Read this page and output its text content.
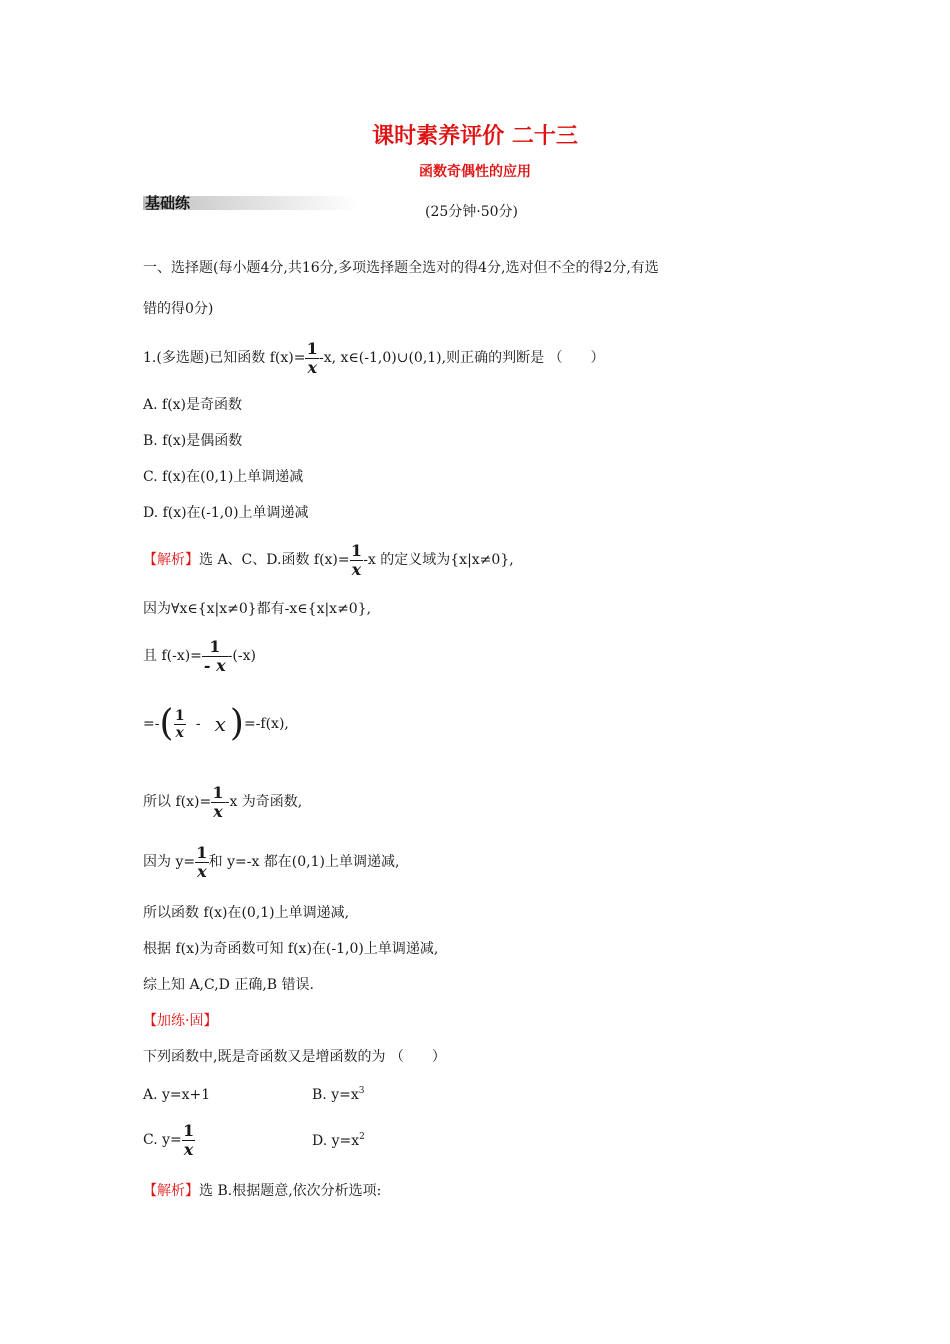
课时素养评价 二十三
函数奇偶性的应用
基础练	(25分钟·50分)
一、选择题(每小题4分,共16分,多项选择题全选对的得4分,选对但不全的得2分,有选
错的得0分)
1.(多选题)已知函数 $f(x)= \frac{1}{x} -x$, x∈(-1,0)∪(0,1),则正确的判断是 （　　）
A. f(x)是奇函数
B. f(x)是偶函数
C. f(x)在(0,1)上单调递减
D. f(x)在(-1,0)上单调递减
【解析】选 A、C、D.函数 $f(x)= \frac{1}{x} -x$ 的定义域为{x|x≠0},
因为∀x∈{x|x≠0}都有-x∈{x|x≠0},
且 $f(-x)= \frac{1}{- x} -(-x)$
=-( $\frac{1}{x}$ - x )=-f(x),
所以 $f(x)= \frac{1}{x} -x$ 为奇函数,
因为 $y= \frac{1}{x}$ 和 y=-x 都在(0,1)上单调递减,
所以函数 f(x)在(0,1)上单调递减,
根据 f(x)为奇函数可知 f(x)在(-1,0)上单调递减,
综上知 A,C,D 正确,B 错误.
【加练·固】
下列函数中,既是奇函数又是增函数的为 （　　）
A. y=x+1	B. $y=x^3$
C. $y= \frac{1}{x}$	D. $y=x^2$
【解析】选 B.根据题意,依次分析选项:
